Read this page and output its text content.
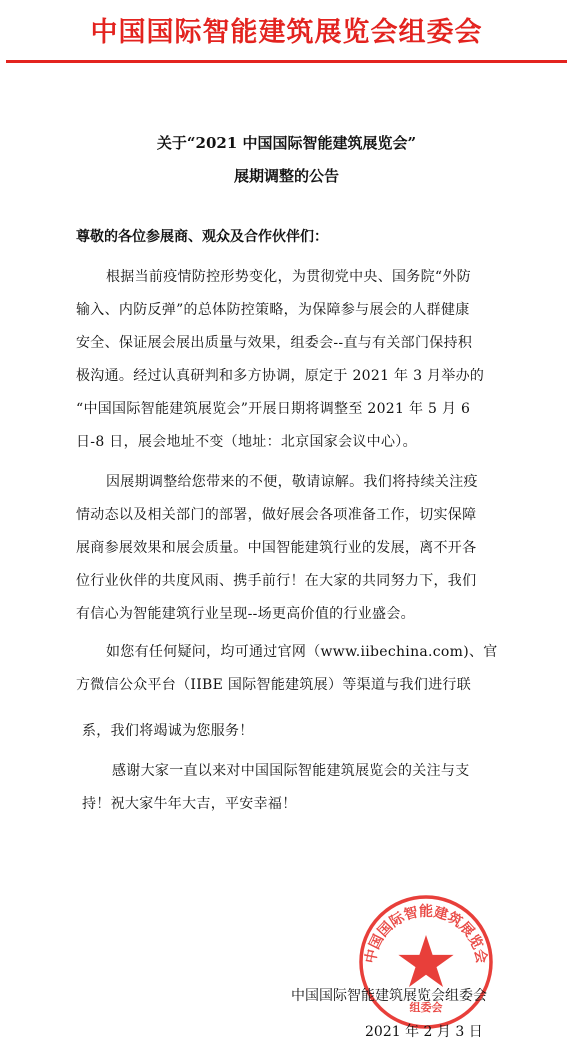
中国国际智能建筑展览会组委会
关于“2021 中国国际智能建筑展览会”
展期调整的公告
尊敬的各位参展商、观众及合作伙伴们：
根据当前疫情防控形势变化，为贯彻党中央、国务院“外防
输入、内防反弹”的总体防控策略，为保障参与展会的人群健康
安全、保证展会展出质量与效果，组委会--直与有关部门保持积
极沟通。经过认真研判和多方协调，原定于 2021 年 3 月举办的
“中国国际智能建筑展览会”开展日期将调整至 2021 年 5 月 6
日-8 日，展会地址不变（地址：北京国家会议中心）。
因展期调整给您带来的不便，敬请谅解。我们将持续关注疫
情动态以及相关部门的部署，做好展会各项准备工作，切实保障
展商参展效果和展会质量。中国智能建筑行业的发展，离不开各
位行业伙伴的共度风雨、携手前行！在大家的共同努力下，我们
有信心为智能建筑行业呈现--场更高价值的行业盛会。
如您有任何疑问，均可通过官网（www.iibechina.com)、官
方微信公众平台（IIBE 国际智能建筑展）等渠道与我们进行联
系，我们将竭诚为您服务！
感谢大家一直以来对中国国际智能建筑展览会的关注与支
持！祝大家牛年大吉，平安幸福！
中国国际智能建筑展览会
组委会
中国国际智能建筑展览会组委会
2021 年 2 月 3 日
